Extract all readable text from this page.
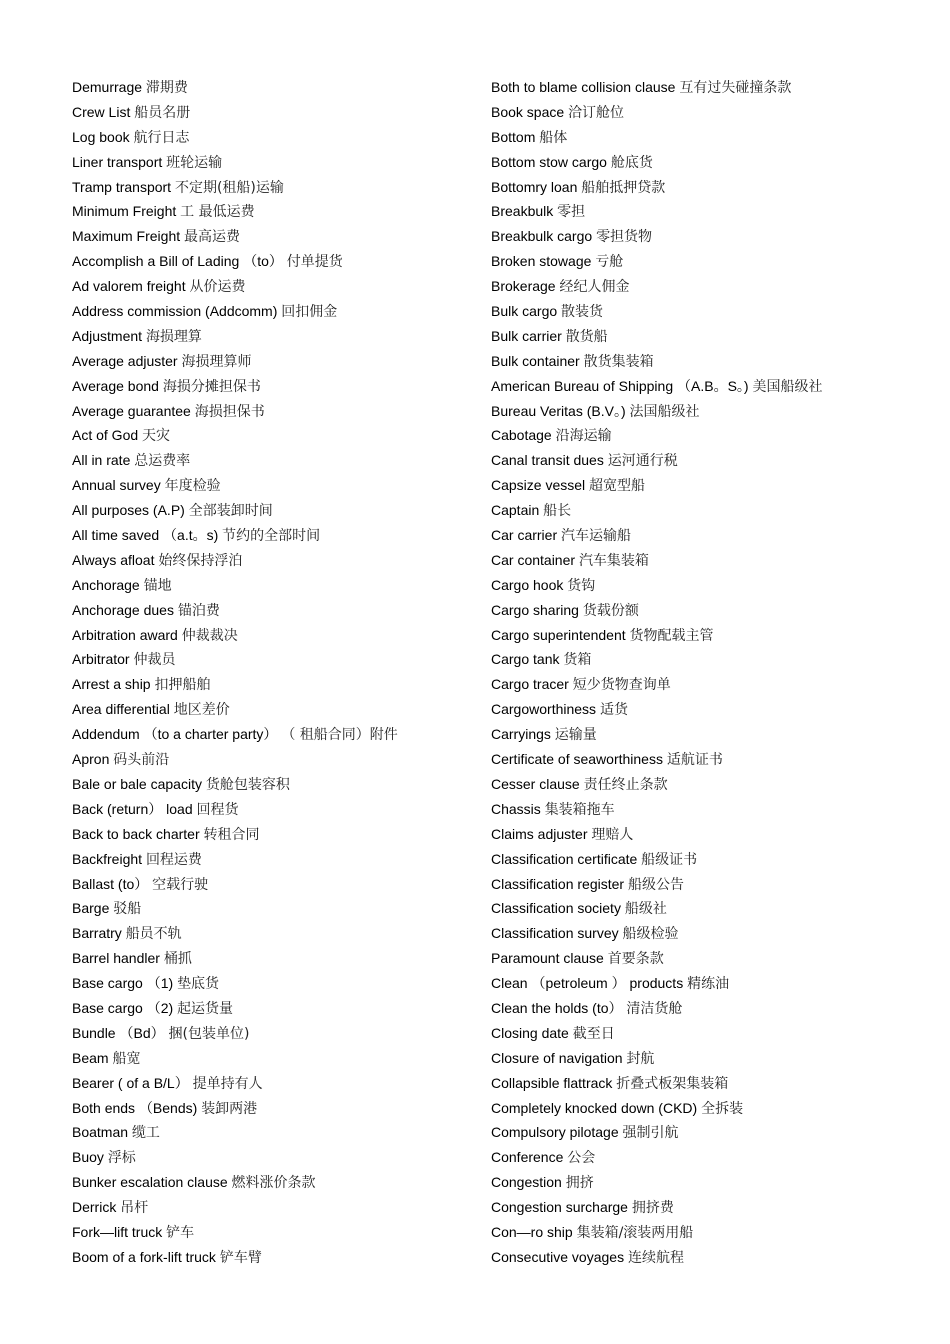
Demurrage 滞期费
Crew List 船员名册
Log book 航行日志
Liner transport 班轮运输
Tramp transport 不定期(租船)运输
Minimum Freight 工 最低运费
Maximum Freight 最高运费
Accomplish a Bill of Lading （to） 付单提货
Ad valorem freight 从价运费
Address commission (Addcomm) 回扣佣金
Adjustment 海损理算
Average adjuster 海损理算师
Average bond 海损分摊担保书
Average guarantee 海损担保书
Act of God 天灾
All in rate 总运费率
Annual survey 年度检验
All purposes (A.P) 全部装卸时间
All time saved （a.t。s) 节约的全部时间
Always afloat 始终保持浮泊
Anchorage 锚地
Anchorage dues 锚泊费
Arbitration award 仲裁裁决
Arbitrator 仲裁员
Arrest a ship 扣押船舶
Area differential 地区差价
Addendum （to a charter party） （ 租船合同）附件
Apron 码头前沿
Bale or bale capacity 货舱包装容积
Back (return） load 回程货
Back to back charter 转租合同
Backfreight 回程运费
Ballast (to） 空载行驶
Barge 驳船
Barratry 船员不轨
Barrel handler 桶抓
Base cargo （1) 垫底货
Base cargo （2) 起运货量
Bundle （Bd） 捆(包装单位)
Beam 船宽
Bearer ( of a B/L） 提单持有人
Both ends （Bends) 装卸两港
Boatman 缆工
Buoy 浮标
Bunker escalation clause 燃料涨价条款
Derrick 吊杆
Fork—lift truck 铲车
Boom of a fork-lift truck 铲车臂
Both to blame collision clause 互有过失碰撞条款
Book space 洽订舱位
Bottom 船体
Bottom stow cargo 舱底货
Bottomry loan 船舶抵押贷款
Breakbulk 零担
Breakbulk cargo 零担货物
Broken stowage 亏舱
Brokerage 经纪人佣金
Bulk cargo 散装货
Bulk carrier 散货船
Bulk container 散货集装箱
American Bureau of Shipping （A.B。S。) 美国船级社
Bureau Veritas (B.V。) 法国船级社
Cabotage 沿海运输
Canal transit dues 运河通行税
Capsize vessel 超宽型船
Captain 船长
Car carrier 汽车运输船
Car container 汽车集装箱
Cargo hook 货钩
Cargo sharing 货载份额
Cargo superintendent 货物配载主管
Cargo tank 货箱
Cargo tracer 短少货物查询单
Cargoworthiness 适货
Carryings 运输量
Certificate of seaworthiness 适航证书
Cesser clause 责任终止条款
Chassis 集装箱拖车
Claims adjuster 理赔人
Classification certificate 船级证书
Classification register 船级公告
Classification society 船级社
Classification survey 船级检验
Paramount clause 首要条款
Clean （petroleum ） products 精练油
Clean the holds (to） 清洁货舱
Closing date 截至日
Closure of navigation 封航
Collapsible flattrack 折叠式板架集装箱
Completely knocked down (CKD) 全拆装
Compulsory pilotage 强制引航
Conference 公会
Congestion 拥挤
Congestion surcharge 拥挤费
Con—ro ship 集装箱/滚装两用船
Consecutive voyages 连续航程
